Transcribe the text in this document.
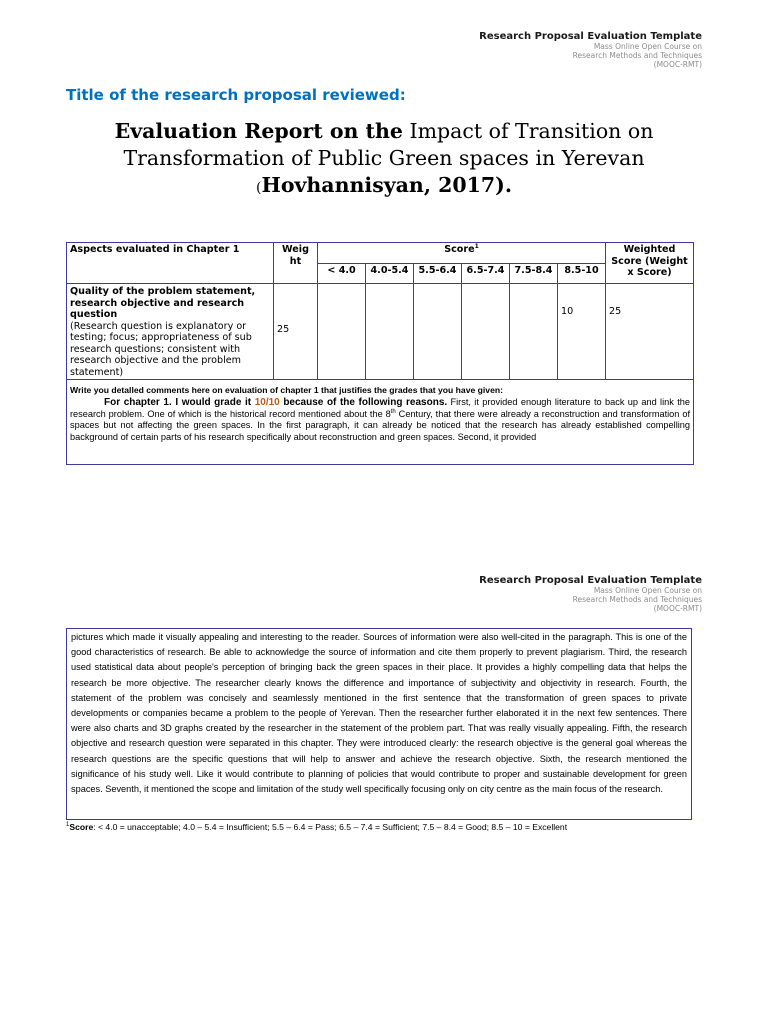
Research Proposal Evaluation Template
Mass Online Open Course on
Research Methods and Techniques
(MOOC-RMT)
Title of the research proposal reviewed:
Evaluation Report on the Impact of Transition on
Transformation of Public Green spaces in Yerevan
(Hovhannisyan, 2017).
Aspects evaluated in Chapter 1	Weig ht	Score$^1$						Weighted Score (Weight x Score)
		< 4.0	4.0-5.4	5.5-6.4	6.5-7.4	7.5-8.4	8.5-10	

Quality of the problem statement, research objective and research question
(Research question is explanatory or testing; focus; appropriateness of sub research questions; consistent with research objective and the problem statement)	25						10	25

Write you detalled comments here on evaluation of chapter 1 that justifies the grades that you have given:
For chapter 1. I would grade it 10/10 because of the following reasons. First, it provided enough literature to back up and link the research problem. One of which is the historical record mentioned about the 8th Century, that there were already a reconstruction and transformation of spaces but not affecting the green spaces. In the first paragraph, it can already be noticed that the research has already established compelling background of certain parts of his research specifically about reconstruction and green spaces. Second, it provided								
Research Proposal Evaluation Template
Mass Online Open Course on
Research Methods and Techniques
(MOOC-RMT)
pictures which made it visually appealing and interesting to the reader. Sources of information were also well-cited in the paragraph. This is one of the good characteristics of research. Be able to acknowledge the source of information and cite them properly to prevent plagiarism. Third, the research used statistical data about people's perception of bringing back the green spaces in their place. It provides a highly compelling data that helps the research be more objective. The researcher clearly knows the difference and importance of subjectivity and objectivity in research. Fourth, the statement of the problem was concisely and seamlessly mentioned in the first sentence that the transformation of green spaces to private developments or companies became a problem to the people of Yerevan. Then the researcher further elaborated it in the next few sentences. There were also charts and 3D graphs created by the researcher in the statement of the problem part. That was really visually appealing. Fifth, the research objective and research question were separated in this chapter. They were introduced clearly: the research objective is the general goal whereas the research questions are the specific questions that will help to answer and achieve the research objective. Sixth, the research mentioned the significance of his study well. Like it would contribute to planning of policies that would contribute to proper and sustainable development for green spaces. Seventh, it mentioned the scope and limitation of the study well specifically focusing only on city centre as the main focus of the research.
$^1$Score: < 4.0 = unacceptable; 4.0 – 5.4 = Insufficient; 5.5 – 6.4 = Pass; 6.5 – 7.4 = Sufficient; 7.5 – 8.4 = Good; 8.5 – 10 = Excellent
